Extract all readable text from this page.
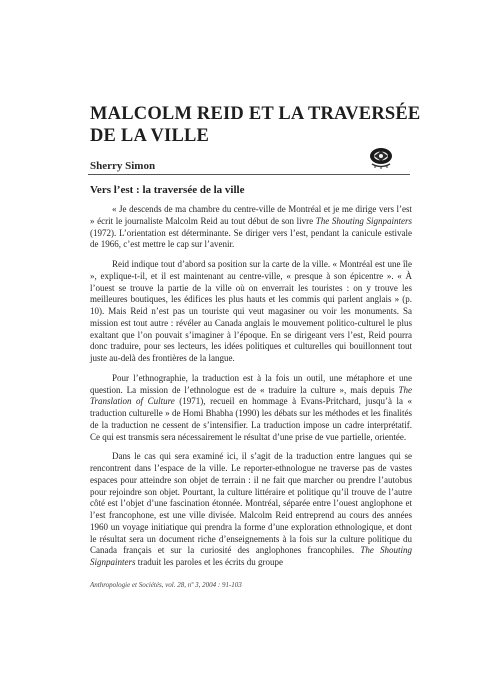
MALCOLM REID ET LA TRAVERSÉE
DE LA VILLE
Sherry Simon
Vers l’est : la traversée de la ville

« Je descends de ma chambre du centre-ville de Montréal et je me dirige vers l’est » écrit le journaliste Malcolm Reid au tout début de son livre The Shouting Signpainters (1972). L’orientation est déterminante. Se diriger vers l’est, pendant la canicule estivale de 1966, c’est mettre le cap sur l’avenir.

Reid indique tout d’abord sa position sur la carte de la ville. « Montréal est une île », explique-t-il, et il est maintenant au centre-ville, « presque à son épicentre ». « À l’ouest se trouve la partie de la ville où on enverrait les touristes : on y trouve les meilleures boutiques, les édifices les plus hauts et les commis qui parlent anglais » (p. 10). Mais Reid n’est pas un touriste qui veut magasiner ou voir les monuments. Sa mission est tout autre : révéler au Canada anglais le mouvement politico-culturel le plus exaltant que l’on pouvait s’imaginer à l’époque. En se dirigeant vers l’est, Reid pourra donc traduire, pour ses lecteurs, les idées politiques et culturelles qui bouillonnent tout juste au-delà des frontières de la langue.

Pour l’ethnographie, la traduction est à la fois un outil, une métaphore et une question. La mission de l’ethnologue est de « traduire la culture », mais depuis The Translation of Culture (1971), recueil en hommage à Evans-Pritchard, jusqu’à la « traduction culturelle » de Homi Bhabha (1990) les débats sur les méthodes et les finalités de la traduction ne cessent de s’intensifier. La traduction impose un cadre interprétatif. Ce qui est transmis sera nécessairement le résultat d’une prise de vue partielle, orientée.

Dans le cas qui sera examiné ici, il s’agit de la traduction entre langues qui se rencontrent dans l’espace de la ville. Le reporter-ethnologue ne traverse pas de vastes espaces pour atteindre son objet de terrain : il ne fait que marcher ou prendre l’autobus pour rejoindre son objet. Pourtant, la culture littéraire et politique qu’il trouve de l’autre côté est l’objet d’une fascination étonnée. Montréal, séparée entre l’ouest anglophone et l’est francophone, est une ville divisée. Malcolm Reid entreprend au cours des années 1960 un voyage initiatique qui prendra la forme d’une exploration ethnologique, et dont le résultat sera un document riche d’enseignements à la fois sur la culture politique du Canada français et sur la curiosité des anglophones francophiles. The Shouting Signpainters traduit les paroles et les écrits du groupe

Anthropologie et Sociétés, vol. 28, nº 3, 2004 : 91-103
